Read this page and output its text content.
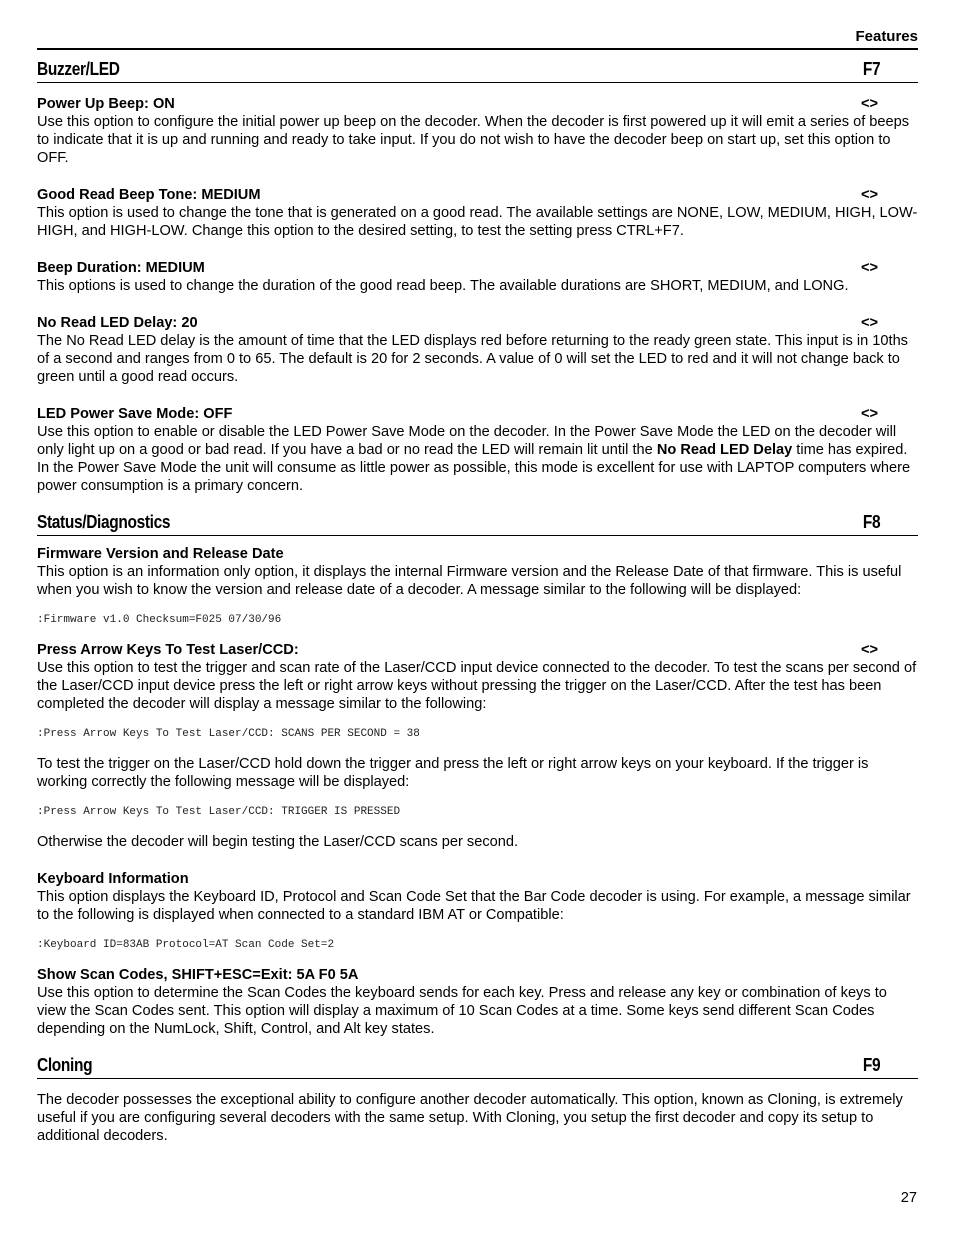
Features
Buzzer/LED	F7
Power Up Beep: ON	<>
Use this option to configure the initial power up beep on the decoder. When the decoder is first powered up it will emit a series of beeps to indicate that it is up and running and ready to take input. If you do not wish to have the decoder beep on start up, set this option to OFF.
Good Read Beep Tone: MEDIUM	<>
This option is used to change the tone that is generated on a good read. The available settings are NONE, LOW, MEDIUM, HIGH, LOW-HIGH, and HIGH-LOW. Change this option to the desired setting, to test the setting press CTRL+F7.
Beep Duration: MEDIUM	<>
This options is used to change the duration of the good read beep. The available durations are SHORT, MEDIUM, and LONG.
No Read LED Delay: 20	<>
The No Read LED delay is the amount of time that the LED displays red before returning to the ready green state. This input is in 10ths of a second and ranges from 0 to 65. The default is 20 for 2 seconds. A value of 0 will set the LED to red and it will not change back to green until a good read occurs.
LED Power Save Mode: OFF	<>
Use this option to enable or disable the LED Power Save Mode on the decoder. In the Power Save Mode the LED on the decoder will only light up on a good or bad read. If you have a bad or no read the LED will remain lit until the No Read LED Delay time has expired. In the Power Save Mode the unit will consume as little power as possible, this mode is excellent for use with LAPTOP computers where power consumption is a primary concern.
Status/Diagnostics	F8
Firmware Version and Release Date
This option is an information only option, it displays the internal Firmware version and the Release Date of that firmware. This is useful when you wish to know the version and release date of a decoder. A message similar to the following will be displayed:
:Firmware v1.0 Checksum=F025 07/30/96
Press Arrow Keys To Test Laser/CCD:	<>
Use this option to test the trigger and scan rate of the Laser/CCD input device connected to the decoder. To test the scans per second of the Laser/CCD input device press the left or right arrow keys without pressing the trigger on the Laser/CCD. After the test has been completed the decoder will display a message similar to the following:
:Press Arrow Keys To Test Laser/CCD: SCANS PER SECOND = 38
To test the trigger on the Laser/CCD hold down the trigger and press the left or right arrow keys on your keyboard. If the trigger is working correctly the following message will be displayed:
:Press Arrow Keys To Test Laser/CCD: TRIGGER IS PRESSED
Otherwise the decoder will begin testing the Laser/CCD scans per second.
Keyboard Information
This option displays the Keyboard ID, Protocol and Scan Code Set that the Bar Code decoder is using. For example, a message similar to the following is displayed when connected to a standard IBM AT or Compatible:
:Keyboard ID=83AB Protocol=AT Scan Code Set=2
Show Scan Codes, SHIFT+ESC=Exit: 5A F0 5A
Use this option to determine the Scan Codes the keyboard sends for each key. Press and release any key or combination of keys to view the Scan Codes sent. This option will display a maximum of 10 Scan Codes at a time. Some keys send different Scan Codes depending on the NumLock, Shift, Control, and Alt key states.
Cloning	F9
The decoder possesses the exceptional ability to configure another decoder automatically. This option, known as Cloning, is extremely useful if you are configuring several decoders with the same setup. With Cloning, you setup the first decoder and copy its setup to additional decoders.
27
